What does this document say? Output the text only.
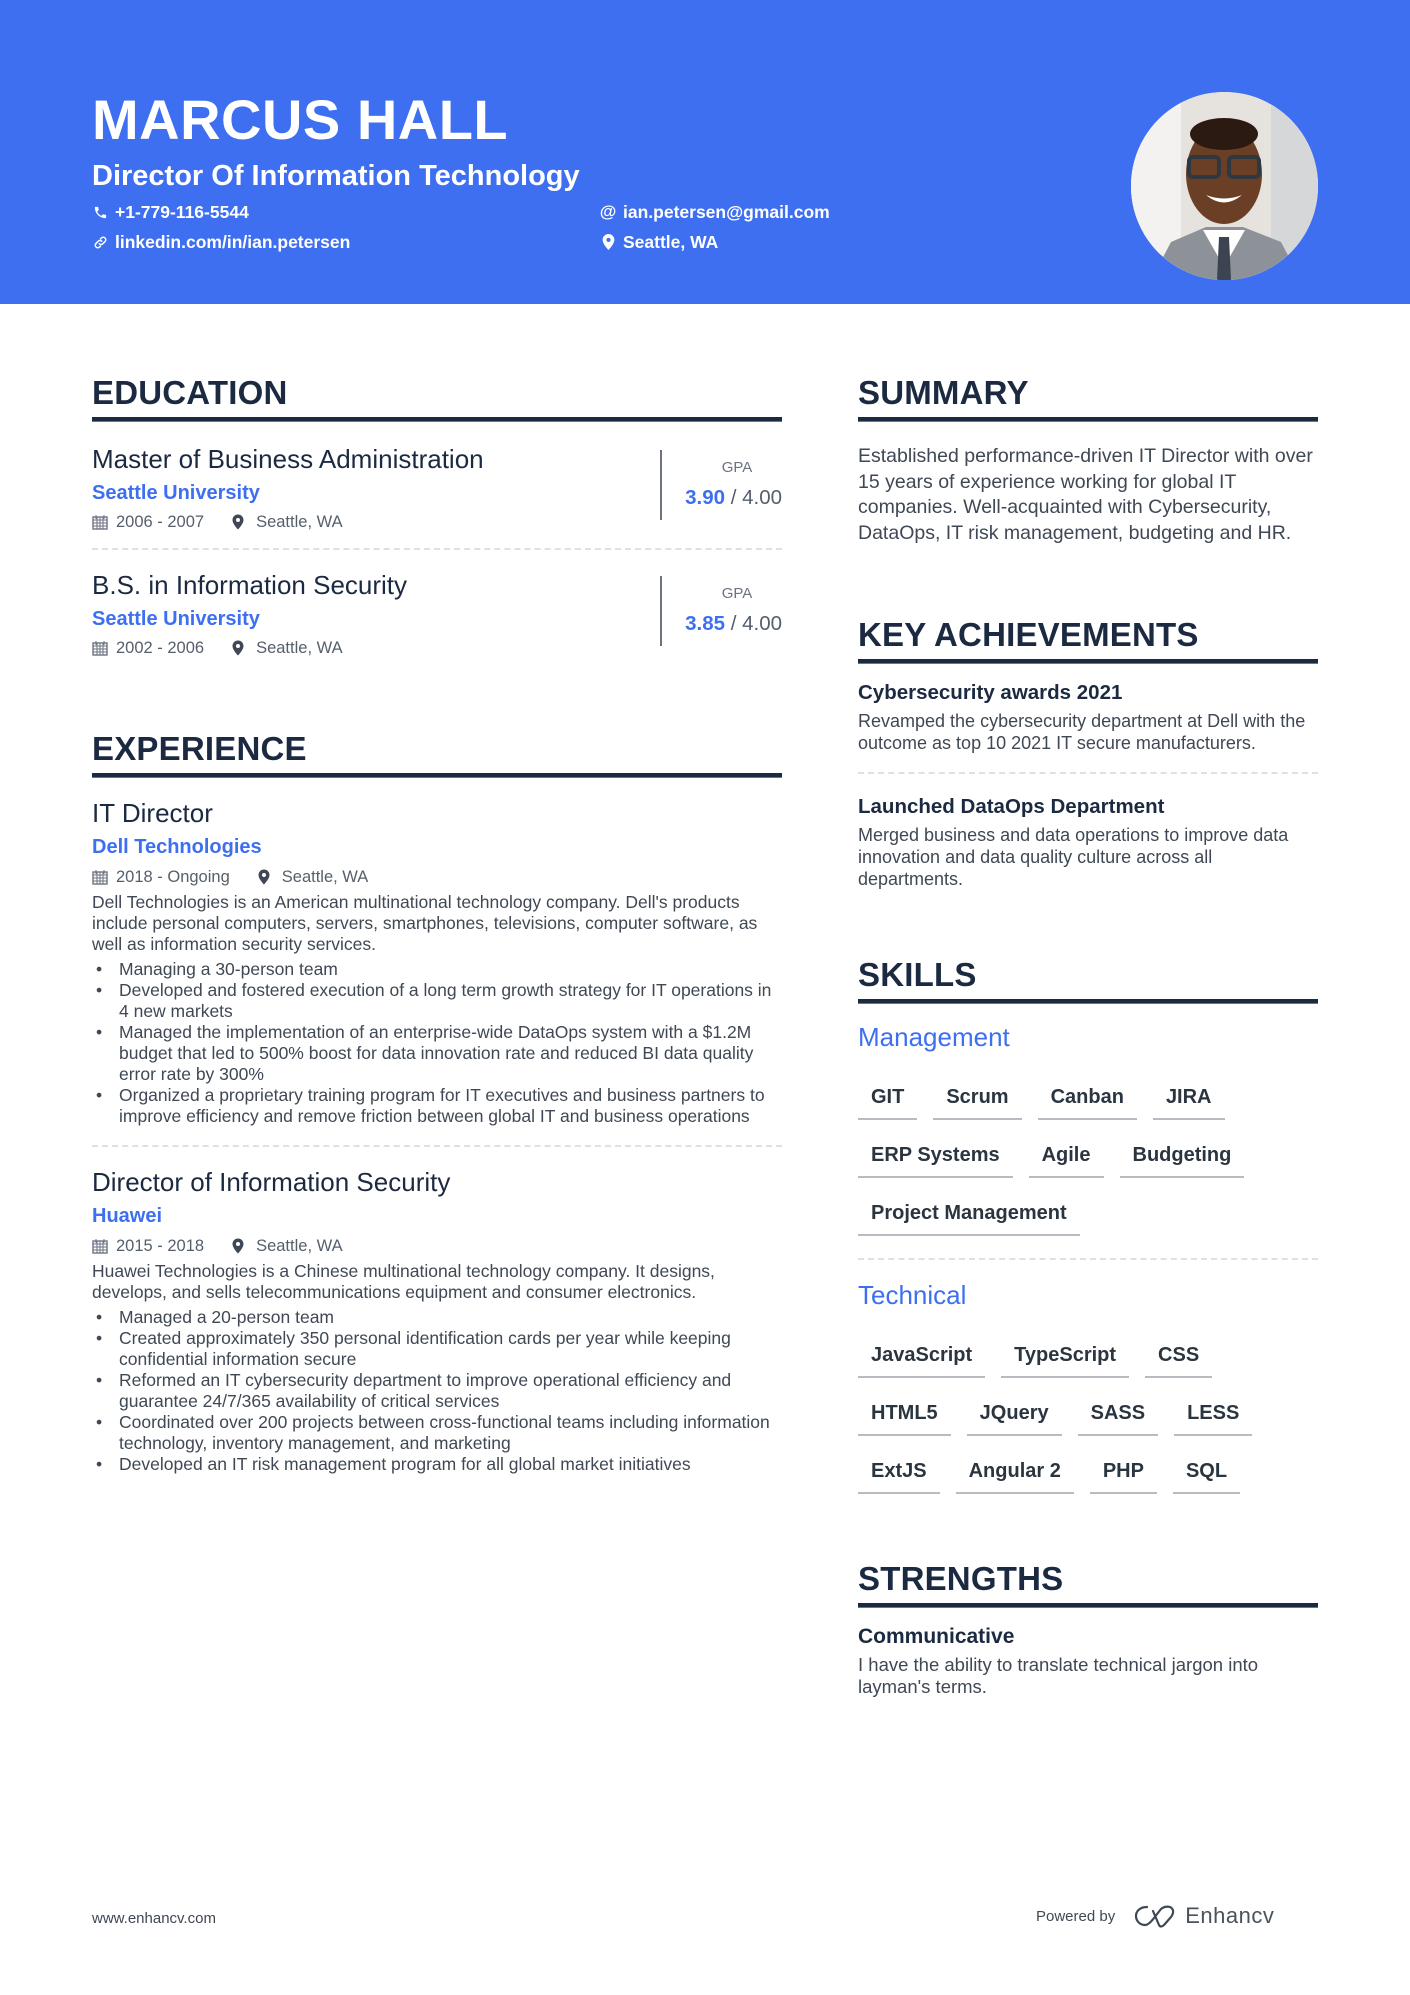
MARCUS HALL
Director Of Information Technology
+1-779-116-5544
linkedin.com/in/ian.petersen
@ ian.petersen@gmail.com
Seattle, WA
EDUCATION
Master of Business Administration
Seattle University
2006 - 2007	Seattle, WA
GPA
3.90 / 4.00
B.S. in Information Security
Seattle University
2002 - 2006	Seattle, WA
GPA
3.85 / 4.00
EXPERIENCE
IT Director
Dell Technologies
2018 - Ongoing	Seattle, WA
Dell Technologies is an American multinational technology company. Dell's products include personal computers, servers, smartphones, televisions, computer software, as well as information security services.
• Managing a 30-person team
• Developed and fostered execution of a long term growth strategy for IT operations in 4 new markets
• Managed the implementation of an enterprise-wide DataOps system with a $1.2M budget that led to 500% boost for data innovation rate and reduced BI data quality error rate by 300%
• Organized a proprietary training program for IT executives and business partners to improve efficiency and remove friction between global IT and business operations
Director of Information Security
Huawei
2015 - 2018	Seattle, WA
Huawei Technologies is a Chinese multinational technology company. It designs, develops, and sells telecommunications equipment and consumer electronics.
• Managed a 20-person team
• Created approximately 350 personal identification cards per year while keeping confidential information secure
• Reformed an IT cybersecurity department to improve operational efficiency and guarantee 24/7/365 availability of critical services
• Coordinated over 200 projects between cross-functional teams including information technology, inventory management, and marketing
• Developed an IT risk management program for all global market initiatives
SUMMARY
Established performance-driven IT Director with over 15 years of experience working for global IT companies. Well-acquainted with Cybersecurity, DataOps, IT risk management, budgeting and HR.
KEY ACHIEVEMENTS
Cybersecurity awards 2021
Revamped the cybersecurity department at Dell with the outcome as top 10 2021 IT secure manufacturers.
Launched DataOps Department
Merged business and data operations to improve data innovation and data quality culture across all departments.
SKILLS
Management
GIT	Scrum	Canban	JIRA
ERP Systems	Agile	Budgeting
Project Management
Technical
JavaScript	TypeScript	CSS
HTML5	JQuery	SASS	LESS
ExtJS	Angular 2	PHP	SQL
STRENGTHS
Communicative
I have the ability to translate technical jargon into layman's terms.
www.enhancv.com	Powered by	Enhancv
